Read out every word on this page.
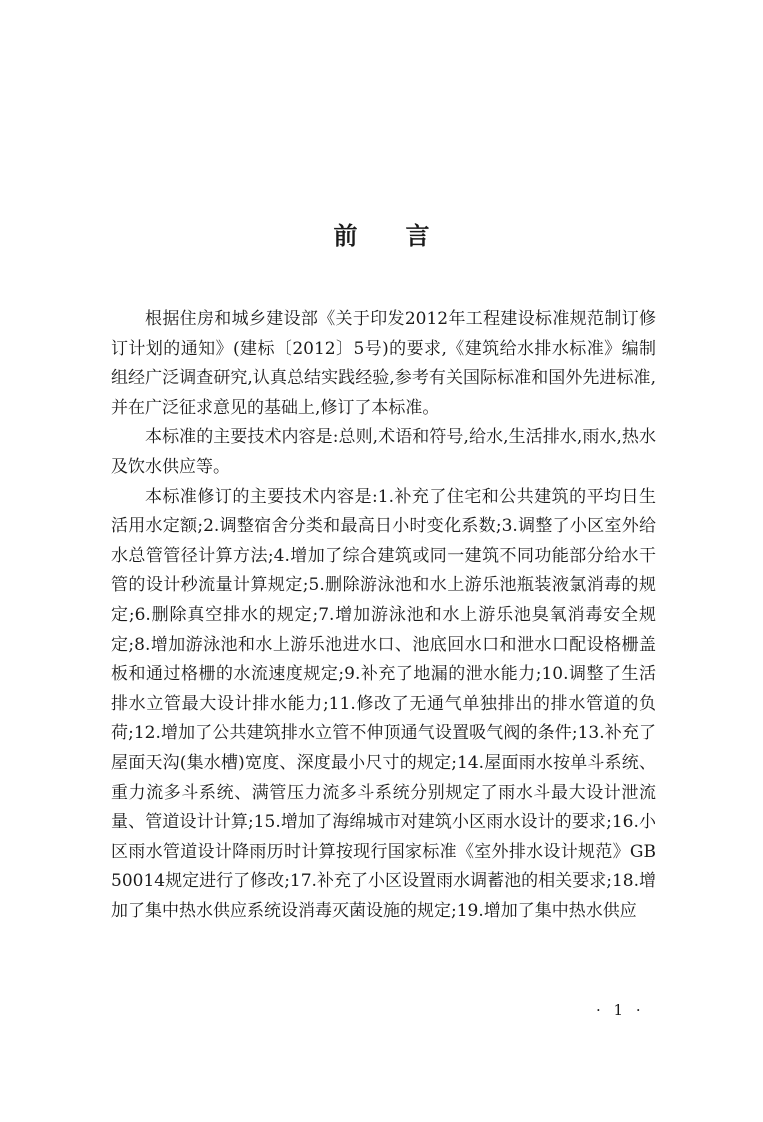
前言

根据住房和城乡建设部《关于印发2012年工程建设标准规范制订修订计划的通知》(建标〔2012〕5号)的要求,《建筑给水排水标准》编制组经广泛调查研究,认真总结实践经验,参考有关国际标准和国外先进标准,并在广泛征求意见的基础上,修订了本标准。

本标准的主要技术内容是:总则,术语和符号,给水,生活排水,雨水,热水及饮水供应等。

本标准修订的主要技术内容是:1.补充了住宅和公共建筑的平均日生活用水定额;2.调整宿舍分类和最高日小时变化系数;3.调整了小区室外给水总管管径计算方法;4.增加了综合建筑或同一建筑不同功能部分给水干管的设计秒流量计算规定;5.删除游泳池和水上游乐池瓶装液氯消毒的规定;6.删除真空排水的规定;7.增加游泳池和水上游乐池臭氧消毒安全规定;8.增加游泳池和水上游乐池进水口、池底回水口和泄水口配设格栅盖板和通过格栅的水流速度规定;9.补充了地漏的泄水能力;10.调整了生活排水立管最大设计排水能力;11.修改了无通气单独排出的排水管道的负荷;12.增加了公共建筑排水立管不伸顶通气设置吸气阀的条件;13.补充了屋面天沟(集水槽)宽度、深度最小尺寸的规定;14.屋面雨水按单斗系统、重力流多斗系统、满管压力流多斗系统分别规定了雨水斗最大设计泄流量、管道设计计算;15.增加了海绵城市对建筑小区雨水设计的要求;16.小区雨水管道设计降雨历时计算按现行国家标准《室外排水设计规范》GB 50014规定进行了修改;17.补充了小区设置雨水调蓄池的相关要求;18.增加了集中热水供应系统设消毒灭菌设施的规定;19.增加了集中热水供应

· 1 ·
